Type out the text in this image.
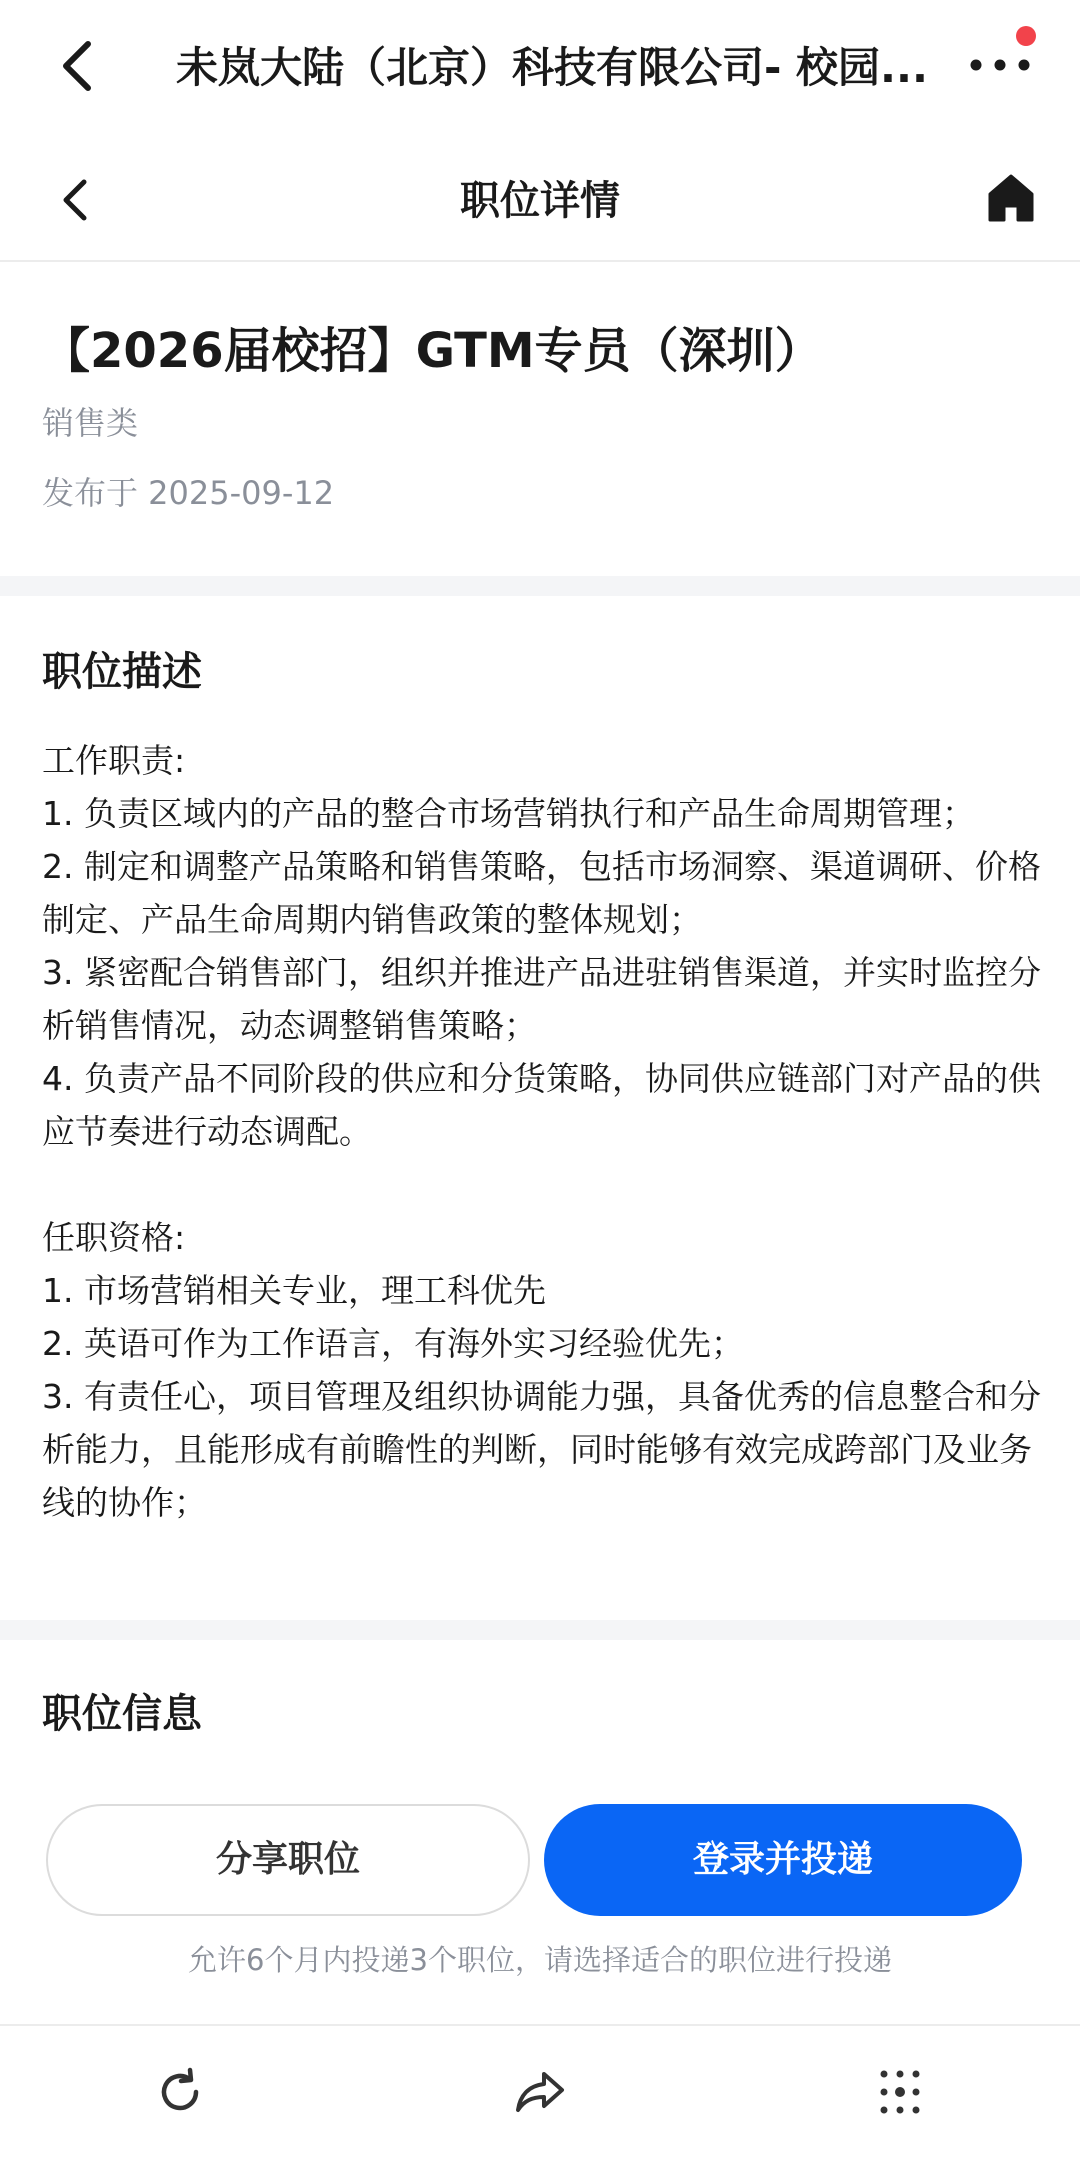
未岚大陆（北京）科技有限公司- 校园...
职位详情
【2026届校招】GTM专员（深圳）
销售类
发布于 2025-09-12
职位描述
工作职责:
1. 负责区域内的产品的整合市场营销执行和产品生命周期管理；
2. 制定和调整产品策略和销售策略，包括市场洞察、渠道调研、价格制定、产品生命周期内销售政策的整体规划；
3. 紧密配合销售部门，组织并推进产品进驻销售渠道，并实时监控分析销售情况，动态调整销售策略；
4. 负责产品不同阶段的供应和分货策略，协同供应链部门对产品的供应节奏进行动态调配。

任职资格:
1. 市场营销相关专业，理工科优先
2. 英语可作为工作语言，有海外实习经验优先；
3. 有责任心，项目管理及组织协调能力强，具备优秀的信息整合和分析能力，且能形成有前瞻性的判断，同时能够有效完成跨部门及业务线的协作；
职位信息
分享职位	登录并投递
允许6个月内投递3个职位，请选择适合的职位进行投递
